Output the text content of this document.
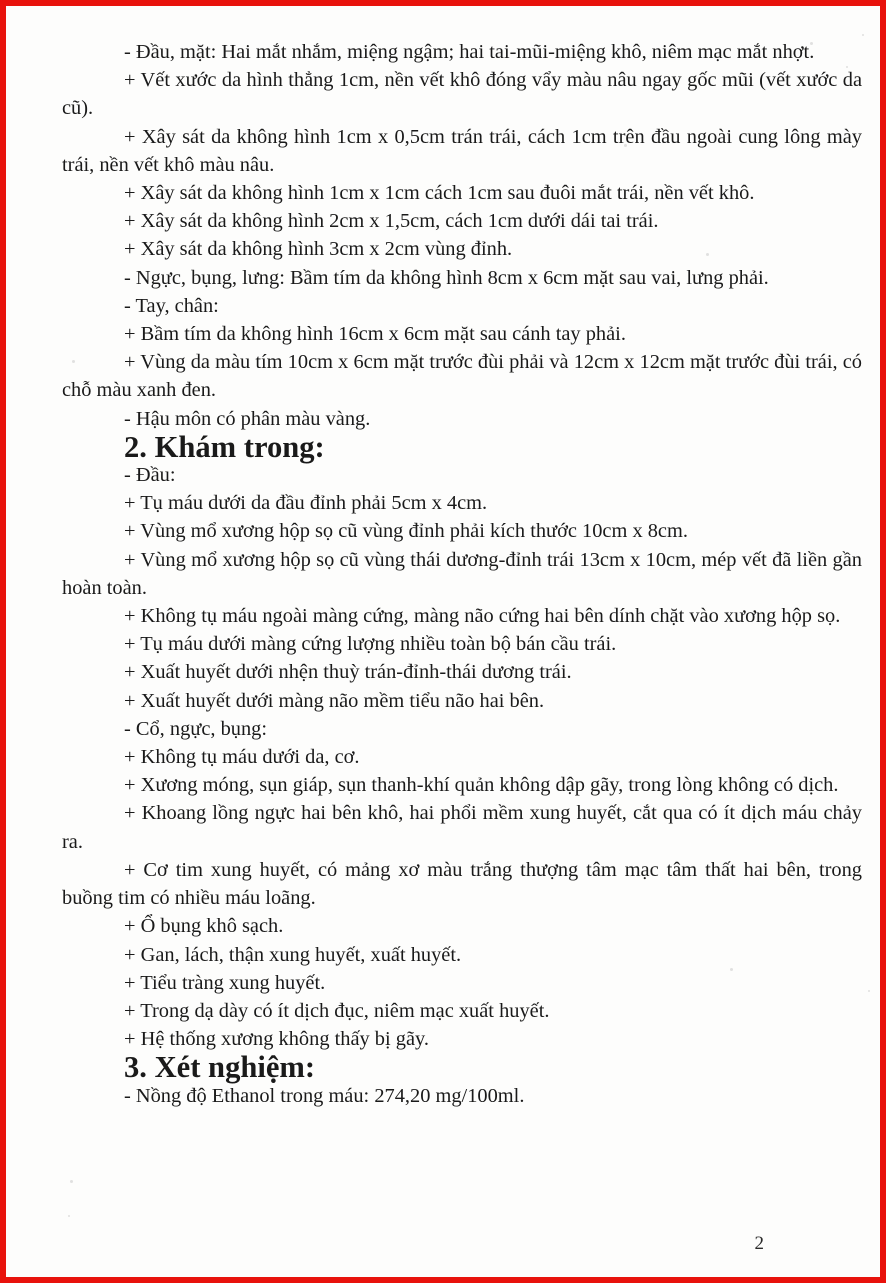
- Đầu, mặt: Hai mắt nhắm, miệng ngậm; hai tai-mũi-miệng khô, niêm mạc mắt nhợt.

+ Vết xước da hình thẳng 1cm, nền vết khô đóng vẩy màu nâu ngay gốc mũi (vết xước da cũ).

+ Xây sát da không hình 1cm x 0,5cm trán trái, cách 1cm trên đầu ngoài cung lông mày trái, nền vết khô màu nâu.

+ Xây sát da không hình 1cm x 1cm cách 1cm sau đuôi mắt trái, nền vết khô.

+ Xây sát da không hình 2cm x 1,5cm, cách 1cm dưới dái tai trái.

+ Xây sát da không hình 3cm x 2cm vùng đỉnh.

- Ngực, bụng, lưng: Bầm tím da không hình 8cm x 6cm mặt sau vai, lưng phải.

- Tay, chân:

+ Bầm tím da không hình 16cm x 6cm mặt sau cánh tay phải.

+ Vùng da màu tím 10cm x 6cm mặt trước đùi phải và 12cm x 12cm mặt trước đùi trái, có chỗ màu xanh đen.

- Hậu môn có phân màu vàng.

2. Khám trong:

- Đầu:

+ Tụ máu dưới da đầu đỉnh phải 5cm x 4cm.

+ Vùng mổ xương hộp sọ cũ vùng đỉnh phải kích thước 10cm x 8cm.

+ Vùng mổ xương hộp sọ cũ vùng thái dương-đỉnh trái 13cm x 10cm, mép vết đã liền gần hoàn toàn.

+ Không tụ máu ngoài màng cứng, màng não cứng hai bên dính chặt vào xương hộp sọ.

+ Tụ máu dưới màng cứng lượng nhiều toàn bộ bán cầu trái.

+ Xuất huyết dưới nhện thuỳ trán-đỉnh-thái dương trái.

+ Xuất huyết dưới màng não mềm tiểu não hai bên.

- Cổ, ngực, bụng:

+ Không tụ máu dưới da, cơ.

+ Xương móng, sụn giáp, sụn thanh-khí quản không dập gãy, trong lòng không có dịch.

+ Khoang lồng ngực hai bên khô, hai phổi mềm xung huyết, cắt qua có ít dịch máu chảy ra.

+ Cơ tim xung huyết, có mảng xơ màu trắng thượng tâm mạc tâm thất hai bên, trong buồng tim có nhiều máu loãng.

+ Ổ bụng khô sạch.

+ Gan, lách, thận xung huyết, xuất huyết.

+ Tiểu tràng xung huyết.

+ Trong dạ dày có ít dịch đục, niêm mạc xuất huyết.

+ Hệ thống xương không thấy bị gãy.

3. Xét nghiệm:

- Nồng độ Ethanol trong máu: 274,20 mg/100ml.

2
